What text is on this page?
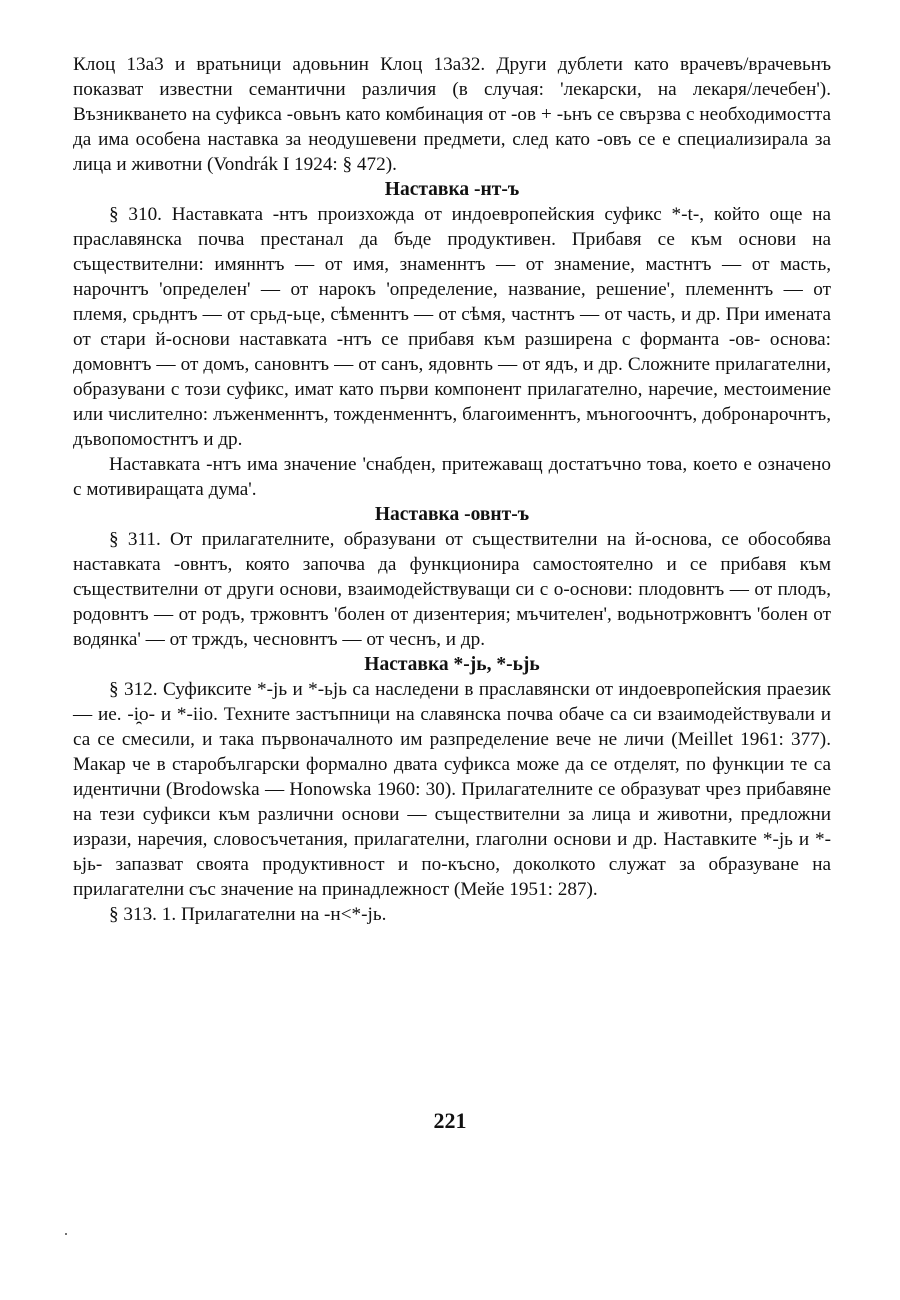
Клоц 13а3 и вратьници адовьнин Клоц 13а32. Други дублети като врачевъ/врачевьнъ показват известни семантични различия (в случая: 'лекарски, на лекаря/лечебен'). Възникването на суфикса -овьнъ като комбинация от -ов + -ьнъ се свързва с необходимостта да има особена наставка за неодушевени предмети, след като -овъ се е специализирала за лица и животни (Vondrák I 1924: § 472).

Наставка -нт-ъ

§ 310. Наставката -нтъ произхожда от индоевропейския суфикс *-t-, който още на праславянска почва престанал да бъде продуктивен. Прибавя се към основи на съществителни: имяннтъ — от имя, знаменнтъ — от знамение, мастнтъ — от масть, нарочнтъ 'определен' — от нарокъ 'определение, название, решение', племеннтъ — от племя, срьднтъ — от срьд-ьце, сѣменнтъ — от сѣмя, частнтъ — от часть, и др. При имената от стари й-основи наставката -нтъ се прибавя към разширена с форманта -ов- основа: домовнтъ — от домъ, сановнтъ — от санъ, ядовнть — от ядъ, и др. Сложните прилагателни, образувани с този суфикс, имат като първи компонент прилагателно, наречие, местоимение или числително: лъженменнтъ, тожденменнтъ, благоименнтъ, мъногоочнтъ, добронарочнтъ, дъвопомостнтъ и др.

Наставката -нтъ има значение 'снабден, притежаващ достатъчно това, което е означено с мотивиращата дума'.

Наставка -овнт-ъ

§ 311. От прилагателните, образувани от съществителни на й-основа, се обособява наставката -овнтъ, която започва да функционира самостоятелно и се прибавя към съществителни от други основи, взаимодействуващи си с о-основи: плодовнтъ — от плодъ, родовнтъ — от родъ, тржовнтъ 'болен от дизентерия; мъчителен', водьнотржовнтъ 'болен от водянка' — от трждъ, чесновнтъ — от чеснъ, и др.

Наставка *-jь, *-ьjь

§ 312. Суфиксите *-jь и *-ьjь са наследени в праславянски от индоевропейския праезик — ие. -i̯o- и *-iio. Техните застъпници на славянска почва обаче са си взаимодействували и са се смесили, и така първоначалното им разпределение вече не личи (Meillet 1961: 377). Макар че в старобългарски формално двата суфикса може да се отделят, по функции те са идентични (Brodowska — Honowska 1960: 30). Прилагателните се образуват чрез прибавяне на тези суфикси към различни основи — съществителни за лица и животни, предложни изрази, наречия, словосъчетания, прилагателни, глаголни основи и др. Наставките *-jь и *-ьjь- запазват своята продуктивност и по-късно, доколкото служат за образуване на прилагателни със значение на принадлежност (Мейе 1951: 287).

§ 313. 1. Прилагателни на -н<*-jь.

221
